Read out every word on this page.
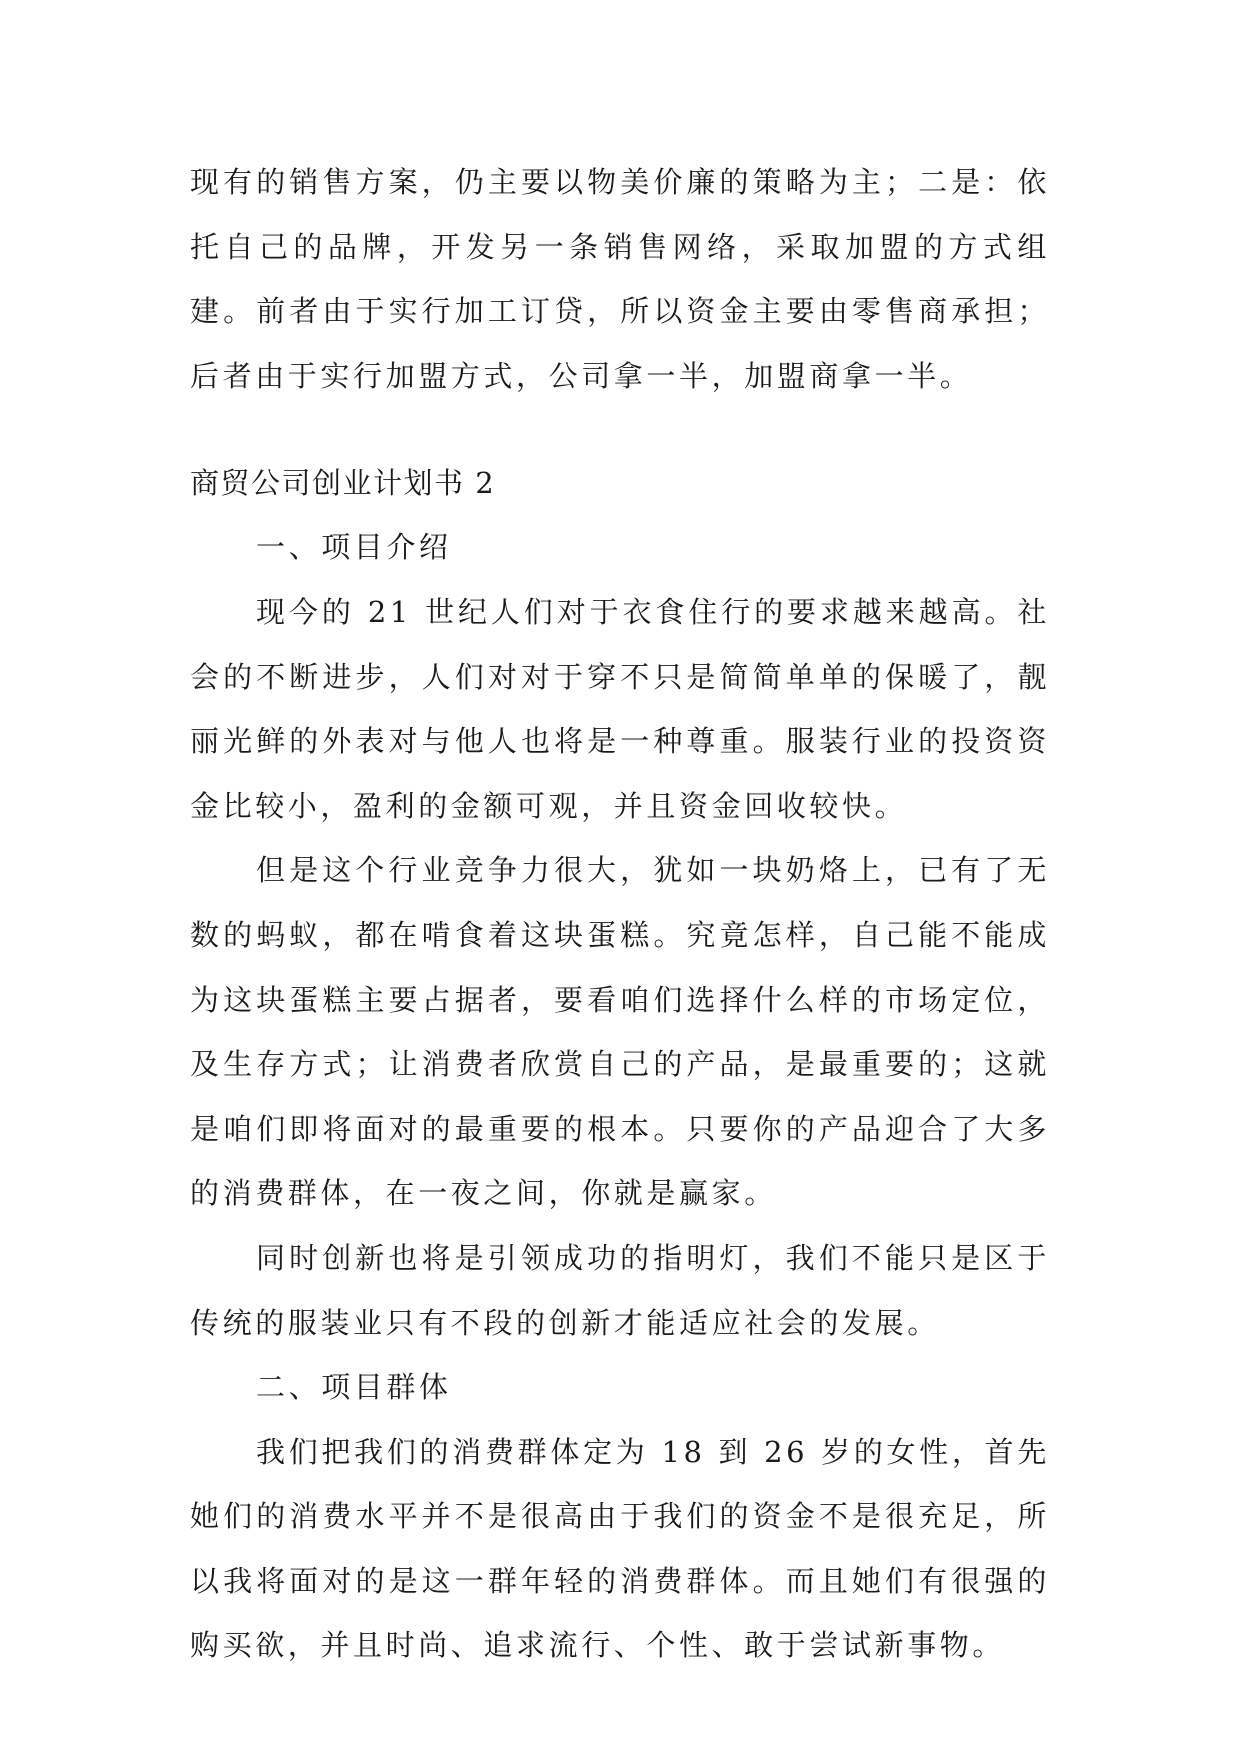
现有的销售方案，仍主要以物美价廉的策略为主；二是：依托自己的品牌，开发另一条销售网络，采取加盟的方式组建。前者由于实行加工订贷，所以资金主要由零售商承担；后者由于实行加盟方式，公司拿一半，加盟商拿一半。

商贸公司创业计划书 2

一、项目介绍

现今的 21 世纪人们对于衣食住行的要求越来越高。社会的不断进步，人们对对于穿不只是简简单单的保暖了，靓丽光鲜的外表对与他人也将是一种尊重。服装行业的投资资金比较小，盈利的金额可观，并且资金回收较快。

但是这个行业竞争力很大，犹如一块奶烙上，已有了无数的蚂蚁，都在啃食着这块蛋糕。究竟怎样，自己能不能成为这块蛋糕主要占据者，要看咱们选择什么样的市场定位，及生存方式；让消费者欣赏自己的产品，是最重要的；这就是咱们即将面对的最重要的根本。只要你的产品迎合了大多的消费群体，在一夜之间，你就是赢家。

同时创新也将是引领成功的指明灯，我们不能只是区于传统的服装业只有不段的创新才能适应社会的发展。

二、项目群体

我们把我们的消费群体定为 18 到 26 岁的女性，首先她们的消费水平并不是很高由于我们的资金不是很充足，所以我将面对的是这一群年轻的消费群体。而且她们有很强的购买欲，并且时尚、追求流行、个性、敢于尝试新事物。
